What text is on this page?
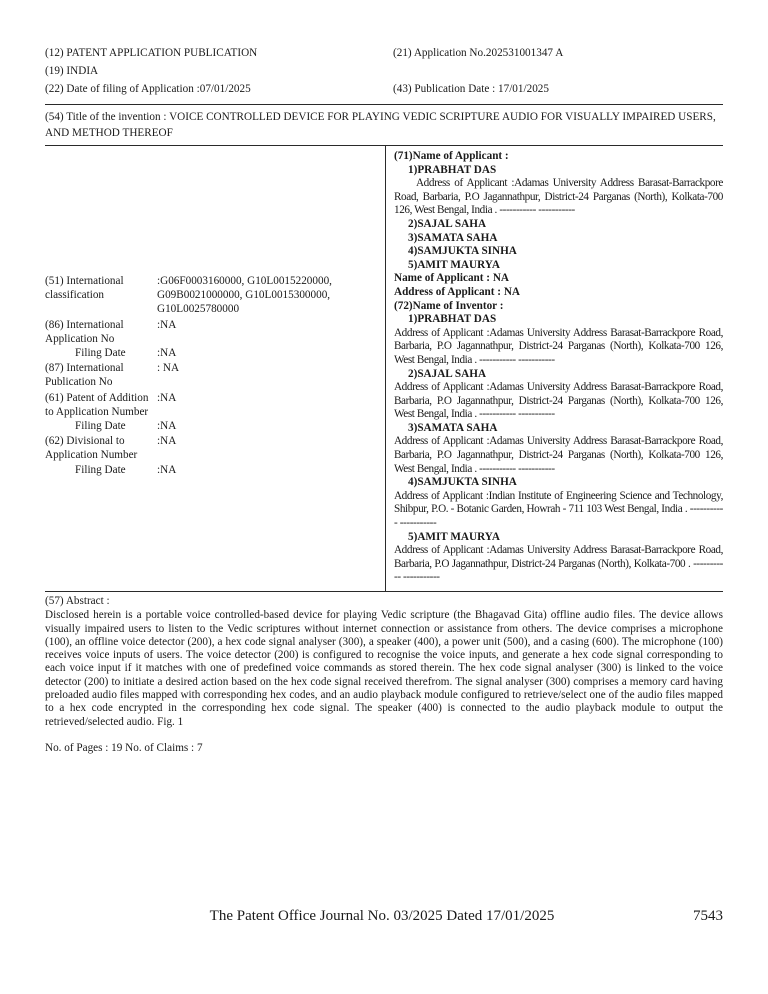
(12) PATENT APPLICATION PUBLICATION	(21) Application No.202531001347 A
(19) INDIA
(22) Date of filing of Application :07/01/2025	(43) Publication Date : 17/01/2025
(54) Title of the invention : VOICE CONTROLLED DEVICE FOR PLAYING VEDIC SCRIPTURE AUDIO FOR VISUALLY IMPAIRED USERS, AND METHOD THEREOF
(51) International classification
:G06F0003160000, G10L0015220000, G09B0021000000, G10L0015300000, G10L0025780000
(86) International Application No
:NA
Filing Date	:NA
(87) International Publication No
: NA
(61) Patent of Addition to Application Number
:NA
Filing Date	:NA
(62) Divisional to Application Number
:NA
Filing Date	:NA
(71)Name of Applicant :
1)PRABHAT DAS
Address of Applicant :Adamas University Address Barasat-Barrackpore Road, Barbaria, P.O Jagannathpur, District-24 Parganas (North), Kolkata-700 126, West Bengal, India . ----------- -----------
2)SAJAL SAHA
3)SAMATA SAHA
4)SAMJUKTA SINHA
5)AMIT MAURYA
Name of Applicant : NA
Address of Applicant : NA
(72)Name of Inventor :
1)PRABHAT DAS
Address of Applicant :Adamas University Address Barasat-Barrackpore Road, Barbaria, P.O Jagannathpur, District-24 Parganas (North), Kolkata-700 126, West Bengal, India . ----------- -----------
2)SAJAL SAHA
Address of Applicant :Adamas University Address Barasat-Barrackpore Road, Barbaria, P.O Jagannathpur, District-24 Parganas (North), Kolkata-700 126, West Bengal, India . ----------- -----------
3)SAMATA SAHA
Address of Applicant :Adamas University Address Barasat-Barrackpore Road, Barbaria, P.O Jagannathpur, District-24 Parganas (North), Kolkata-700 126, West Bengal, India . ----------- -----------
4)SAMJUKTA SINHA
Address of Applicant :Indian Institute of Engineering Science and Technology, Shibpur, P.O. - Botanic Garden, Howrah - 711 103 West Bengal, India . ----------- -----------
5)AMIT MAURYA
Address of Applicant :Adamas University Address Barasat-Barrackpore Road, Barbaria, P.O Jagannathpur, District-24 Parganas (North), Kolkata-700 . ----------- -----------
(57) Abstract :
Disclosed herein is a portable voice controlled-based device for playing Vedic scripture (the Bhagavad Gita) offline audio files. The device allows visually impaired users to listen to the Vedic scriptures without internet connection or assistance from others. The device comprises a microphone (100), an offline voice detector (200), a hex code signal analyser (300), a speaker (400), a power unit (500), and a casing (600). The microphone (100) receives voice inputs of users. The voice detector (200) is configured to recognise the voice inputs, and generate a hex code signal corresponding to each voice input if it matches with one of predefined voice commands as stored therein. The hex code signal analyser (300) is linked to the voice detector (200) to initiate a desired action based on the hex code signal received therefrom. The signal analyser (300) comprises a memory card having preloaded audio files mapped with corresponding hex codes, and an audio playback module configured to retrieve/select one of the audio files mapped to a hex code encrypted in the corresponding hex code signal. The speaker (400) is connected to the audio playback module to output the retrieved/selected audio. Fig. 1
No. of Pages : 19 No. of Claims : 7
The Patent Office Journal No. 03/2025 Dated 17/01/2025	7543
